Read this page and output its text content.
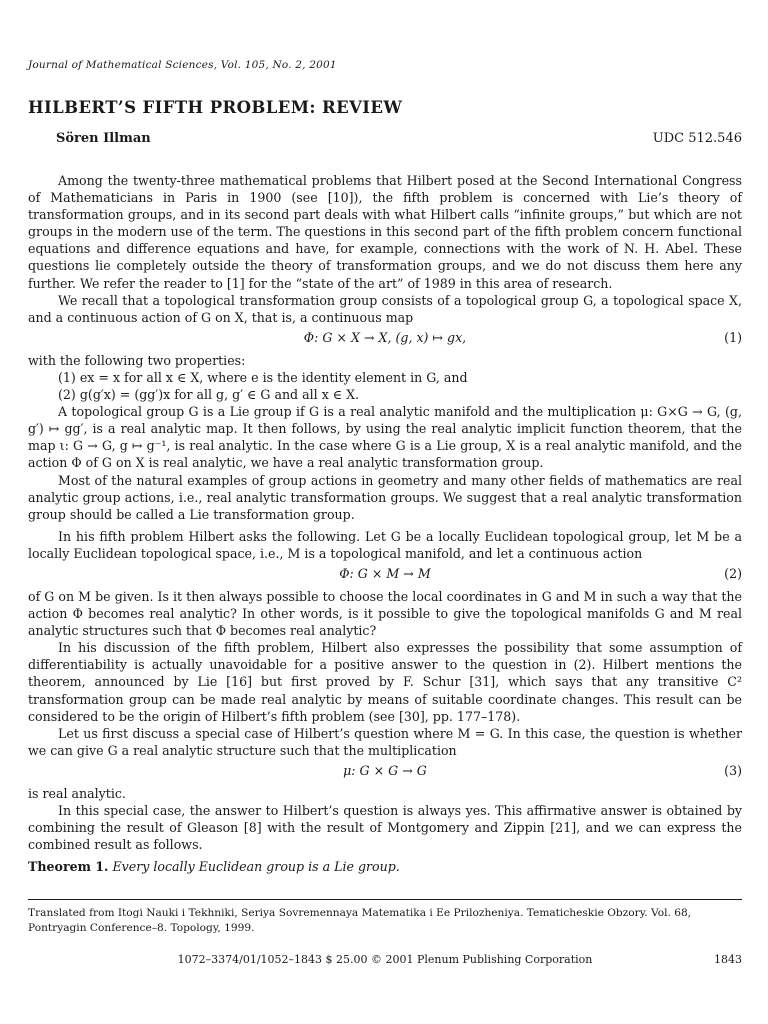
Journal of Mathematical Sciences, Vol. 105, No. 2, 2001
HILBERT’S FIFTH PROBLEM: REVIEW
Sören Illman	UDC 512.546

Among the twenty-three mathematical problems that Hilbert posed at the Second International Congress of Mathematicians in Paris in 1900 (see [10]), the fifth problem is concerned with Lie’s theory of transformation groups, and in its second part deals with what Hilbert calls “infinite groups,” but which are not groups in the modern use of the term. The questions in this second part of the fifth problem concern functional equations and difference equations and have, for example, connections with the work of N. H. Abel. These questions lie completely outside the theory of transformation groups, and we do not discuss them here any further. We refer the reader to [1] for the “state of the art” of 1989 in this area of research.

We recall that a topological transformation group consists of a topological group G, a topological space X, and a continuous action of G on X, that is, a continuous map

Φ: G × X → X, (g, x) ↦ gx,	(1)

with the following two properties:

(1) ex = x for all x ∈ X, where e is the identity element in G, and

(2) g(g′x) = (gg′)x for all g, g′ ∈ G and all x ∈ X.

A topological group G is a Lie group if G is a real analytic manifold and the multiplication μ: G×G → G, (g, g′) ↦ gg′, is a real analytic map. It then follows, by using the real analytic implicit function theorem, that the map ι: G → G, g ↦ g⁻¹, is real analytic. In the case where G is a Lie group, X is a real analytic manifold, and the action Φ of G on X is real analytic, we have a real analytic transformation group.

Most of the natural examples of group actions in geometry and many other fields of mathematics are real analytic group actions, i.e., real analytic transformation groups. We suggest that a real analytic transformation group should be called a Lie transformation group.

In his fifth problem Hilbert asks the following. Let G be a locally Euclidean topological group, let M be a locally Euclidean topological space, i.e., M is a topological manifold, and let a continuous action

Φ: G × M → M	(2)

of G on M be given. Is it then always possible to choose the local coordinates in G and M in such a way that the action Φ becomes real analytic? In other words, is it possible to give the topological manifolds G and M real analytic structures such that Φ becomes real analytic?

In his discussion of the fifth problem, Hilbert also expresses the possibility that some assumption of differentiability is actually unavoidable for a positive answer to the question in (2). Hilbert mentions the theorem, announced by Lie [16] but first proved by F. Schur [31], which says that any transitive C² transformation group can be made real analytic by means of suitable coordinate changes. This result can be considered to be the origin of Hilbert’s fifth problem (see [30], pp. 177–178).

Let us first discuss a special case of Hilbert’s question where M = G. In this case, the question is whether we can give G a real analytic structure such that the multiplication

μ: G × G → G	(3)

is real analytic.

In this special case, the answer to Hilbert’s question is always yes. This affirmative answer is obtained by combining the result of Gleason [8] with the result of Montgomery and Zippin [21], and we can express the combined result as follows.

Theorem 1. Every locally Euclidean group is a Lie group.

Translated from Itogi Nauki i Tekhniki, Seriya Sovremennaya Matematika i Ee Prilozheniya. Tematicheskie Obzory. Vol. 68, Pontryagin Conference–8. Topology, 1999.
1072–3374/01/1052–1843 $ 25.00 © 2001 Plenum Publishing Corporation	1843
